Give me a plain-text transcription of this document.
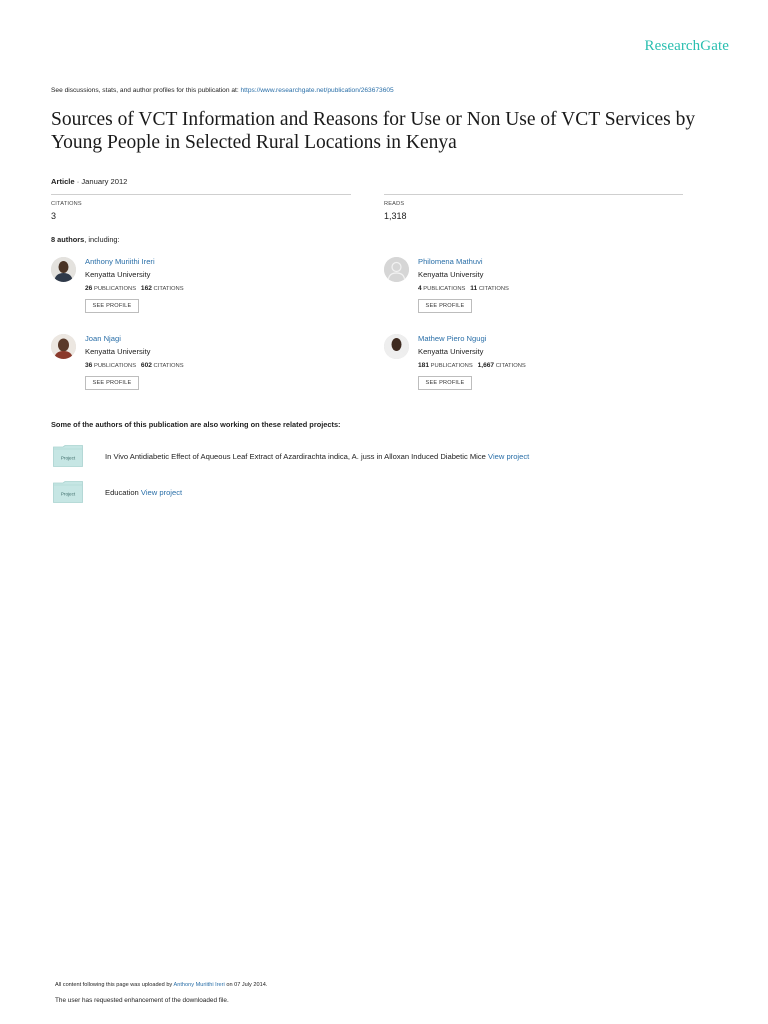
ResearchGate
See discussions, stats, and author profiles for this publication at: https://www.researchgate.net/publication/263673605
Sources of VCT Information and Reasons for Use or Non Use of VCT Services by
Young People in Selected Rural Locations in Kenya
Article · January 2012
CITATIONS
3
READS
1,318
8 authors, including:
Anthony Muriithi Ireri
Kenyatta University
26 PUBLICATIONS 162 CITATIONS
SEE PROFILE
Philomena Mathuvi
Kenyatta University
4 PUBLICATIONS 11 CITATIONS
SEE PROFILE
Joan Njagi
Kenyatta University
36 PUBLICATIONS 602 CITATIONS
SEE PROFILE
Mathew Piero Ngugi
Kenyatta University
181 PUBLICATIONS 1,667 CITATIONS
SEE PROFILE
Some of the authors of this publication are also working on these related projects:
Project	In Vivo Antidiabetic Effect of Aqueous Leaf Extract of Azardirachta indica, A. juss in Alloxan Induced Diabetic Mice View project
Project	Education View project
All content following this page was uploaded by Anthony Muriithi Ireri on 07 July 2014.
The user has requested enhancement of the downloaded file.
